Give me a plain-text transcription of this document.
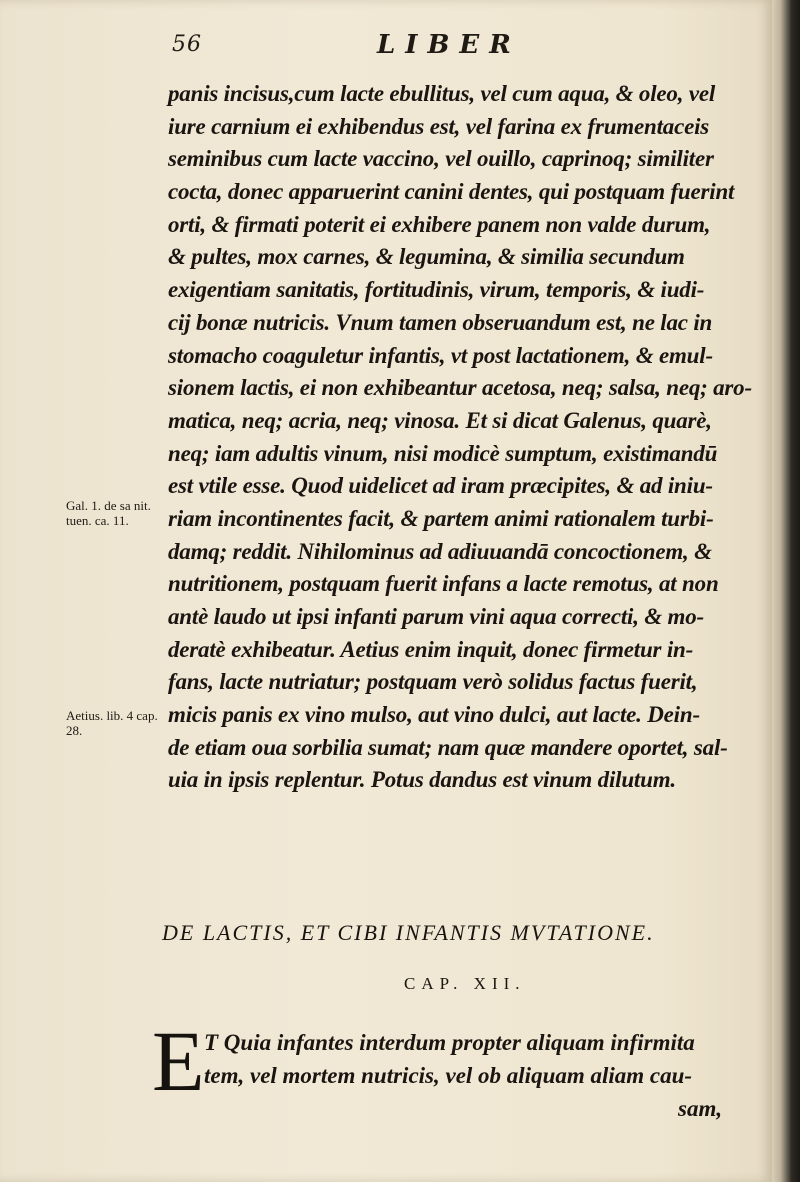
56	LIBER
panis incisus,cum lacte ebullitus, vel cum aqua, & oleo, vel
iure carnium ei exhibendus est, vel farina ex frumentaceis
seminibus cum lacte vaccino, vel ouillo, caprinoq; similiter
cocta, donec apparuerint canini dentes, qui postquam fuerint
orti, & firmati poterit ei exhibere panem non valde durum,
& pultes, mox carnes, & legumina, & similia secundum
exigentiam sanitatis, fortitudinis, virum, temporis, & iudi-
cij bonæ nutricis. Vnum tamen obseruandum est, ne lac in
stomacho coaguletur infantis, vt post lactationem, & emul-
sionem lactis, ei non exhibeantur acetosa, neq; salsa, neq; aro-
matica, neq; acria, neq; vinosa. Et si dicat Galenus, quarè,
neq; iam adultis vinum, nisi modicè sumptum, existimandū
est vtile esse. Quod uidelicet ad iram præcipites, & ad iniu-
riam incontinentes facit, & partem animi rationalem turbi-
damq; reddit. Nihilominus ad adiuuandā concoctionem, &
nutritionem, postquam fuerit infans a lacte remotus, at non
antè laudo ut ipsi infanti parum vini aqua correcti, & mo-
deratè exhibeatur. Aetius enim inquit, donec firmetur in-
fans, lacte nutriatur; postquam verò solidus factus fuerit,
micis panis ex vino mulso, aut vino dulci, aut lacte. Dein-
de etiam oua sorbilia sumat; nam quæ mandere oportet, sal-
uia in ipsis replentur. Potus dandus est vinum dilutum.
Gal. 1. de sa nit. tuen. ca. 11.
Aetius. lib. 4 cap. 28.
DE LACTIS, ET CIBI INFANTIS MVTATIONE.
CAP. XII.
E T Quia infantes interdum propter aliquam infirmita
tem, vel mortem nutricis, vel ob aliquam aliam cau-
sam,
